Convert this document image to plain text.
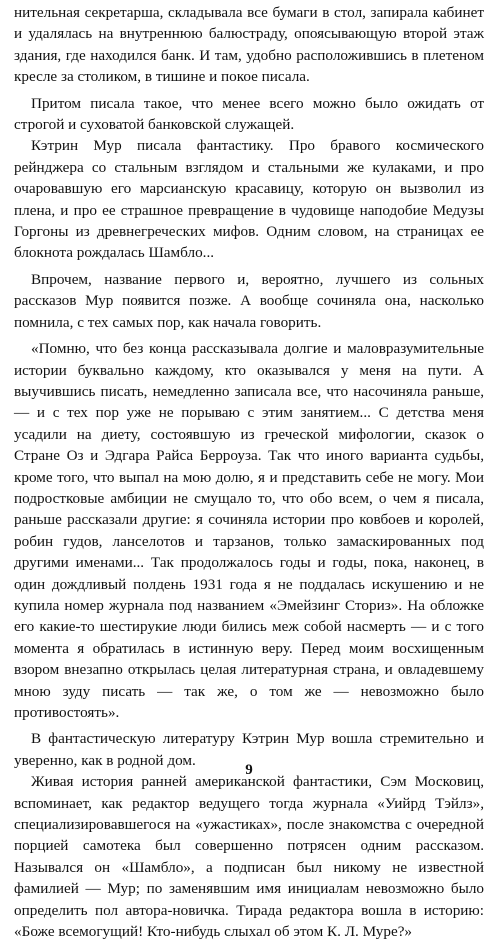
нительная секретарша, складывала все бумаги в стол, запирала кабинет и удалялась на внутреннюю балюстраду, опоясывающую второй этаж здания, где находился банк. И там, удобно расположившись в плетеном кресле за столиком, в тишине и покое писала.

Притом писала такое, что менее всего можно было ожидать от строгой и суховатой банковской служащей.

Кэтрин Мур писала фантастику. Про бравого космического рейнджера со стальным взглядом и стальными же кулаками, и про очаровавшую его марсианскую красавицу, которую он вызволил из плена, и про ее страшное превращение в чудовище наподобие Медузы Горгоны из древнегреческих мифов. Одним словом, на страницах ее блокнота рождалась Шамбло...

Впрочем, название первого и, вероятно, лучшего из сольных рассказов Мур появится позже. А вообще сочиняла она, насколько помнила, с тех самых пор, как начала говорить.

«Помню, что без конца рассказывала долгие и маловразумительные истории буквально каждому, кто оказывался у меня на пути. А выучившись писать, немедленно записала все, что насочиняла раньше,— и с тех пор уже не порываю с этим занятием... С детства меня усадили на диету, состоявшую из греческой мифологии, сказок о Стране Оз и Эдгара Райса Берроуза. Так что иного варианта судьбы, кроме того, что выпал на мою долю, я и представить себе не могу. Мои подростковые амбиции не смущало то, что обо всем, о чем я писала, раньше рассказали другие: я сочиняла истории про ковбоев и королей, робин гудов, ланселотов и тарзанов, только замаскированных под другими именами... Так продолжалось годы и годы, пока, наконец, в один дождливый полдень 1931 года я не поддалась искушению и не купила номер журнала под названием «Эмейзинг Сториз». На обложке его какие-то шестирукие люди бились меж собой насмерть — и с того момента я обратилась в истинную веру. Перед моим восхищенным взором внезапно открылась целая литературная страна, и овладевшему мною зуду писать — так же, о том же — невозможно было противостоять».

В фантастическую литературу Кэтрин Мур вошла стремительно и уверенно, как в родной дом.

Живая история ранней американской фантастики, Сэм Московиц, вспоминает, как редактор ведущего тогда журнала «Уийрд Тэйлз», специализировавшегося на «ужастиках», после знакомства с очередной порцией самотека был совершенно потрясен одним рассказом. Назывался он «Шамбло», а подписан был никому не известной фамилией — Мур; по заменявшим имя инициалам невозможно было определить пол автора-новичка. Тирада редактора вошла в историю: «Боже всемогущий! Кто-нибудь слыхал об этом К. Л. Муре?»

9
